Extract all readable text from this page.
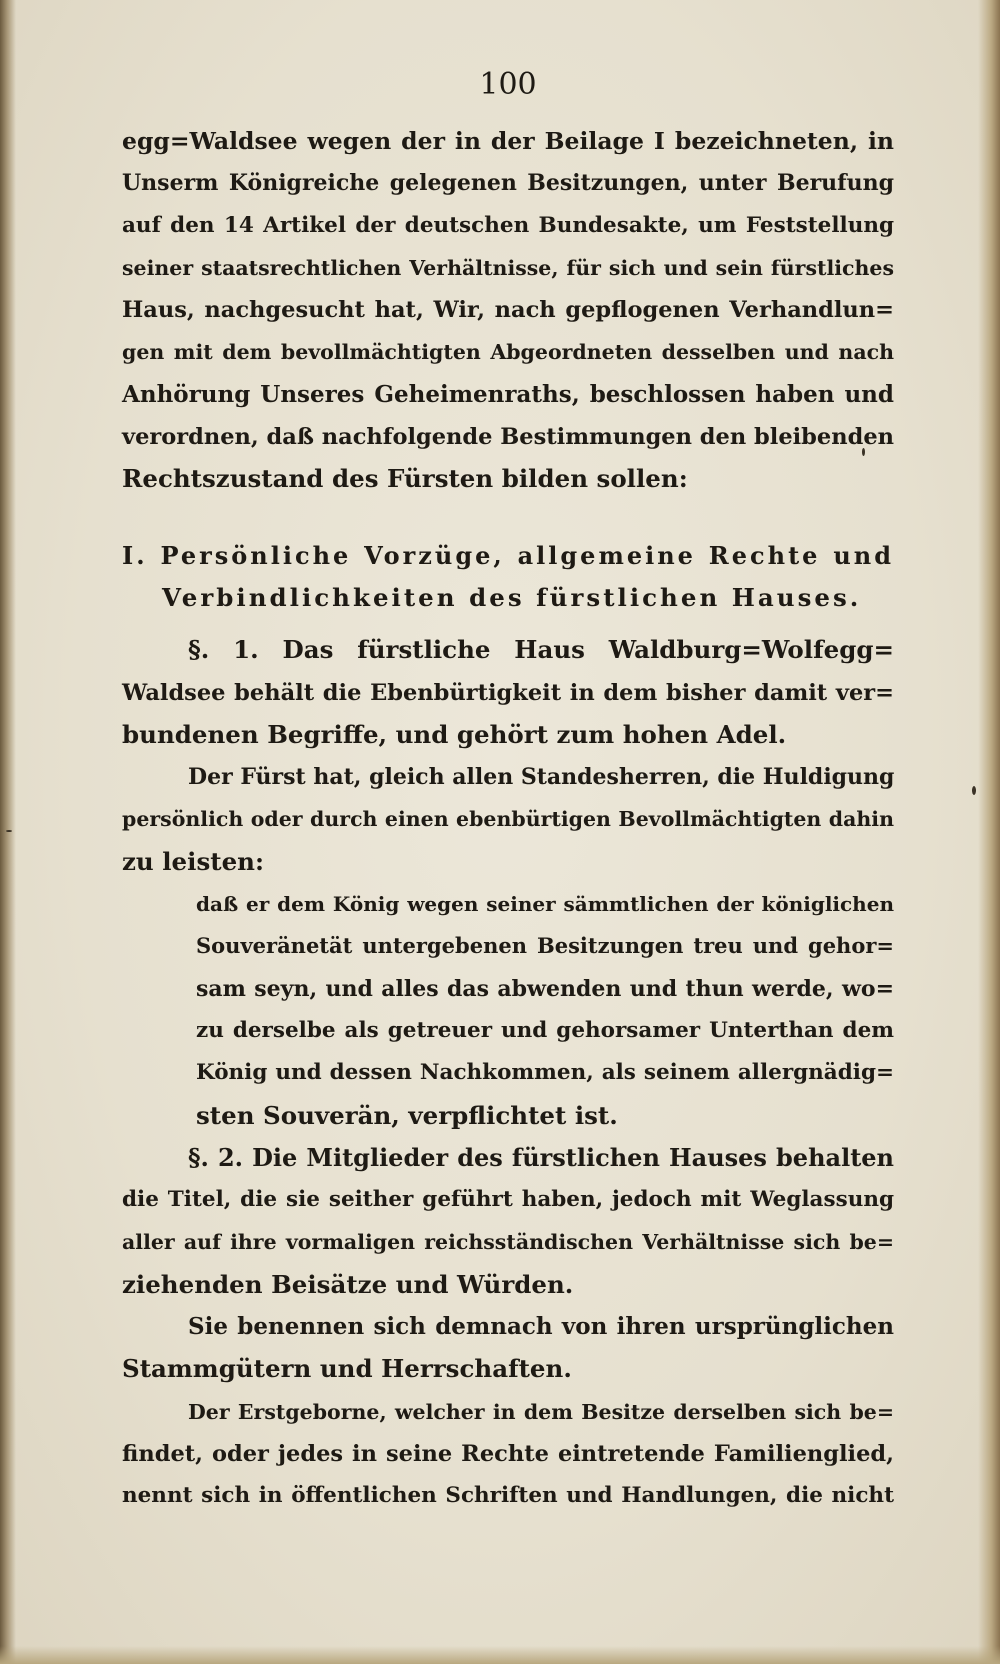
100
egg=Waldsee wegen der in der Beilage I bezeichneten, in
Unserm Königreiche gelegenen Besitzungen, unter Berufung
auf den 14 Artikel der deutschen Bundesakte, um Feststellung
seiner staatsrechtlichen Verhältnisse, für sich und sein fürstliches
Haus, nachgesucht hat, Wir, nach gepflogenen Verhandlun=
gen mit dem bevollmächtigten Abgeordneten desselben und nach
Anhörung Unseres Geheimenraths, beschlossen haben und
verordnen, daß nachfolgende Bestimmungen den bleibenden
Rechtszustand des Fürsten bilden sollen:
I. Persönliche Vorzüge, allgemeine Rechte und
Verbindlichkeiten des fürstlichen Hauses.
§. 1. Das fürstliche Haus Waldburg=Wolfegg=
Waldsee behält die Ebenbürtigkeit in dem bisher damit ver=
bundenen Begriffe, und gehört zum hohen Adel.
Der Fürst hat, gleich allen Standesherren, die Huldigung
persönlich oder durch einen ebenbürtigen Bevollmächtigten dahin
zu leisten:
daß er dem König wegen seiner sämmtlichen der königlichen
Souveränetät untergebenen Besitzungen treu und gehor=
sam seyn, und alles das abwenden und thun werde, wo=
zu derselbe als getreuer und gehorsamer Unterthan dem
König und dessen Nachkommen, als seinem allergnädig=
sten Souverän, verpflichtet ist.
§. 2. Die Mitglieder des fürstlichen Hauses behalten
die Titel, die sie seither geführt haben, jedoch mit Weglassung
aller auf ihre vormaligen reichsständischen Verhältnisse sich be=
ziehenden Beisätze und Würden.
Sie benennen sich demnach von ihren ursprünglichen
Stammgütern und Herrschaften.
Der Erstgeborne, welcher in dem Besitze derselben sich be=
findet, oder jedes in seine Rechte eintretende Familienglied,
nennt sich in öffentlichen Schriften und Handlungen, die nicht
